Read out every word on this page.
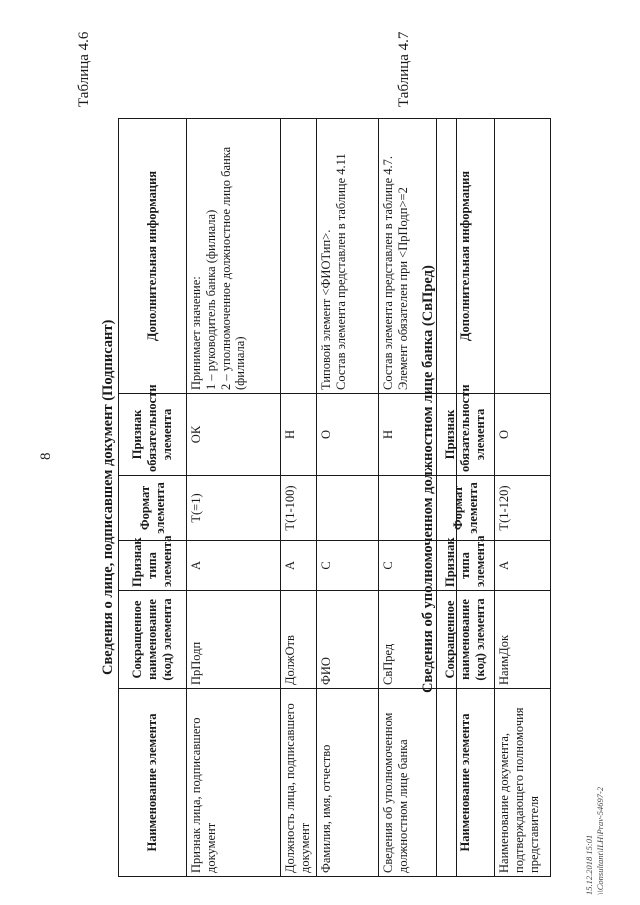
8
Таблица 4.6
Сведения о лице, подписавшем документ (Подписант)
Наименование элемента	Сокращенное наименование (код) элемента	Признак типа элемента	Формат элемента	Признак обязательности элемента	Дополнительная информация
Признак лица, подписавшего документ	ПрПодп	А	T(=1)	ОК	Принимает значение: 1 – руководитель банка (филиала) 2 – уполномоченное должностное лицо банка (филиала)

Должность лица, подписавшего документ	ДолжОтв	А	T(1-100)	Н	
Фамилия, имя, отчество	ФИО	С		О	Типовой элемент <ФИОТип>. Состав элемента представлен в таблице 4.11

Сведения об уполномоченном должностном лице банка	СвПред	С		Н	Состав элемента представлен в таблице 4.7. Элемент обязателен при <ПрПодп>=2
Таблица 4.7
Сведения об уполномоченном должностном лице банка (СвПред)
Наименование элемента	Сокращенное наименование (код) элемента	Признак типа элемента	Формат элемента	Признак обязательности элемента	Дополнительная информация
Наименование документа, подтверждающего полномочия представителя	НаимДок	А	T(1-120)	О	
15.12.2018 15:01 \\Consultant\ILH\Prav-54697-2
